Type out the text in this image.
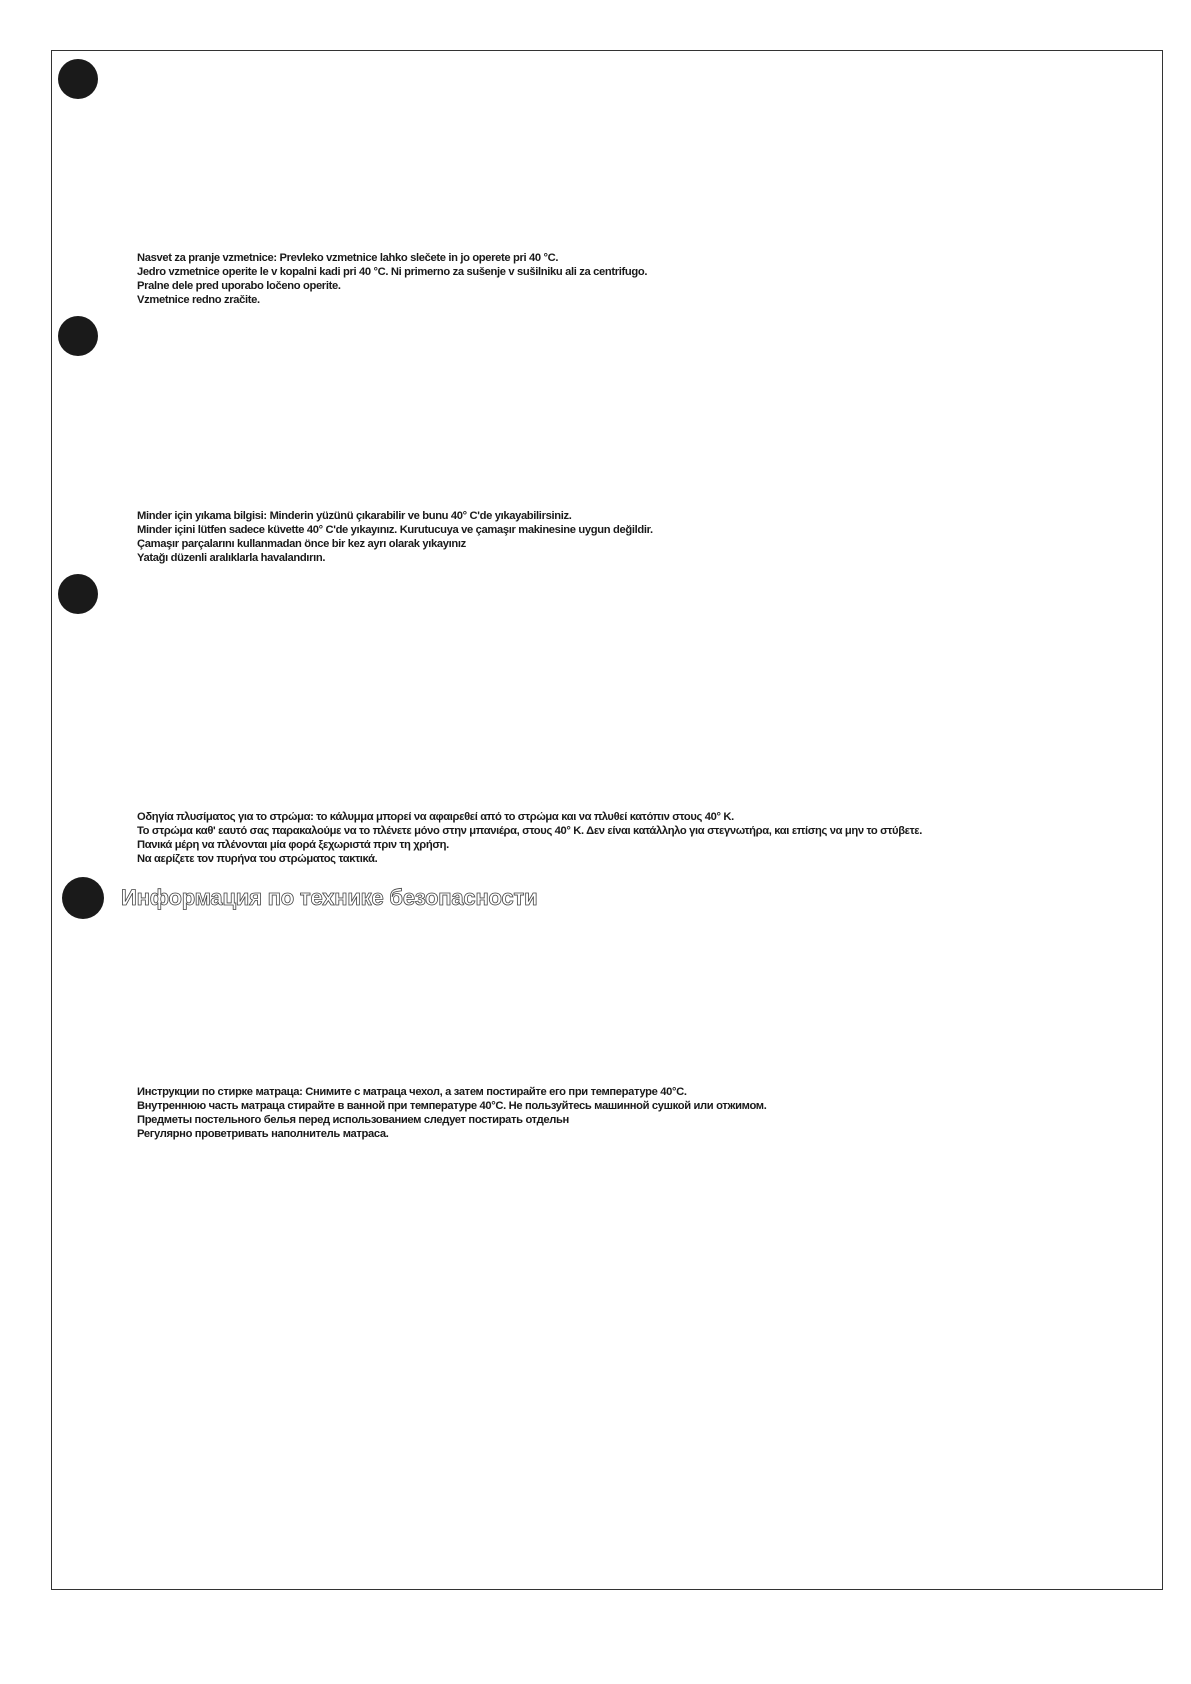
Nasvet za pranje vzmetnice: Prevleko vzmetnice lahko slečete in jo operete pri 40 °C.
Jedro vzmetnice operite le v kopalni kadi pri 40 °C. Ni primerno za sušenje v sušilniku ali za centrifugo.
Pralne dele pred uporabo ločeno operite.
Vzmetnice redno zračite.
Minder için yıkama bilgisi: Minderin yüzünü çıkarabilir ve bunu 40° C'de yıkayabilirsiniz.
Minder içini lütfen sadece küvette 40° C'de yıkayınız. Kurutucuya ve çamaşır makinesine uygun değildir.
Çamaşır parçalarını kullanmadan önce bir kez ayrı olarak yıkayınız
Yatağı düzenli aralıklarla havalandırın.
Οδηγία πλυσίματος για το στρώμα: το κάλυμμα μπορεί να αφαιρεθεί από το στρώμα και να πλυθεί κατόπιν στους 40° Κ.
Το στρώμα καθ' εαυτό σας παρακαλούμε να το πλένετε μόνο στην μπανιέρα, στους 40° Κ. Δεν είναι κατάλληλο για στεγνωτήρα, και επίσης να μην το στύβετε.
Πανικά μέρη να πλένονται μία φορά ξεχωριστά πριν τη χρήση.
Να αερίζετε τον πυρήνα του στρώματος τακτικά.
Информация по технике безопасности
Инструкции по стирке матраца: Снимите с матраца чехол, а затем постирайте его при температуре 40°C.
Внутреннюю часть матраца стирайте в ванной при температуре 40°C. Не пользуйтесь машинной сушкой или отжимом.
Предметы постельного белья перед использованием следует постирать отдельн
Регулярно проветривать наполнитель матраса.
